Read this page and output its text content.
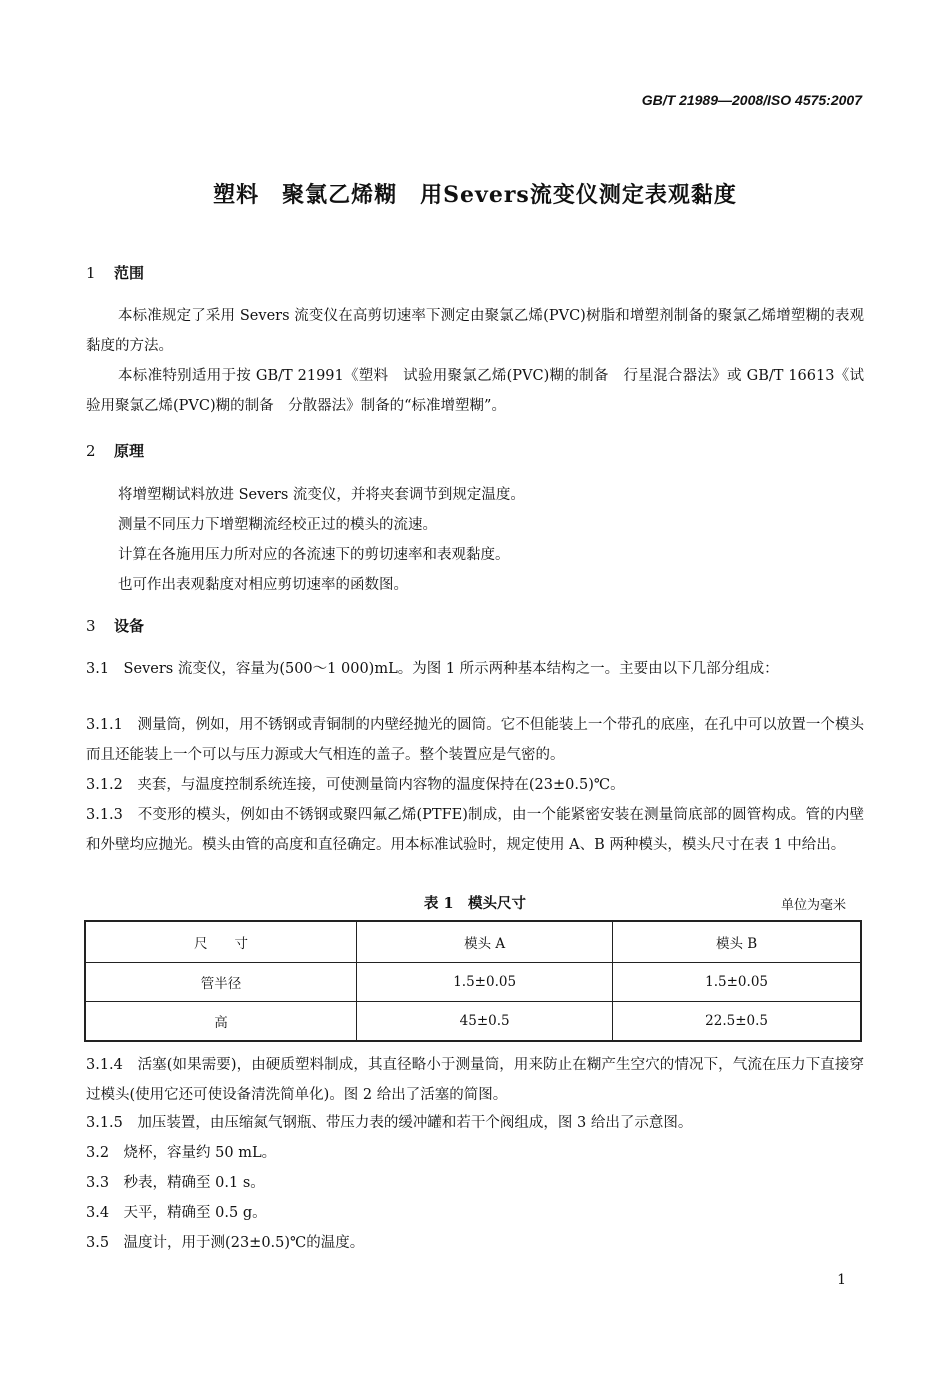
GB/T 21989—2008/ISO 4575:2007
塑料　聚氯乙烯糊　用Severs流变仪测定表观黏度
1 范围
本标准规定了采用 Severs 流变仪在高剪切速率下测定由聚氯乙烯(PVC)树脂和增塑剂制备的聚氯乙烯增塑糊的表观黏度的方法。
本标准特别适用于按 GB/T 21991《塑料　试验用聚氯乙烯(PVC)糊的制备　行星混合器法》或 GB/T 16613《试验用聚氯乙烯(PVC)糊的制备　分散器法》制备的“标准增塑糊”。
2 原理
将增塑糊试料放进 Severs 流变仪，并将夹套调节到规定温度。
测量不同压力下增塑糊流经校正过的模头的流速。
计算在各施用压力所对应的各流速下的剪切速率和表观黏度。
也可作出表观黏度对相应剪切速率的函数图。
3 设备
3.1　Severs 流变仪，容量为(500～1 000)mL。为图 1 所示两种基本结构之一。主要由以下几部分组成：
3.1.1　测量筒，例如，用不锈钢或青铜制的内壁经抛光的圆筒。它不但能装上一个带孔的底座，在孔中可以放置一个模头而且还能装上一个可以与压力源或大气相连的盖子。整个装置应是气密的。
3.1.2　夹套，与温度控制系统连接，可使测量筒内容物的温度保持在(23±0.5)℃。
3.1.3　不变形的模头，例如由不锈钢或聚四氟乙烯(PTFE)制成，由一个能紧密安装在测量筒底部的圆管构成。管的内壁和外壁均应抛光。模头由管的高度和直径确定。用本标准试验时，规定使用 A、B 两种模头，模头尺寸在表 1 中给出。
表 1　模头尺寸	单位为毫米
尺　　寸	模头 A	模头 B
管半径	1.5±0.05	1.5±0.05
高	45±0.5	22.5±0.5
3.1.4　活塞(如果需要)，由硬质塑料制成，其直径略小于测量筒，用来防止在糊产生空穴的情况下，气流在压力下直接穿过模头(使用它还可使设备清洗简单化)。图 2 给出了活塞的简图。
3.1.5　加压装置，由压缩氮气钢瓶、带压力表的缓冲罐和若干个阀组成，图 3 给出了示意图。
3.2　烧杯，容量约 50 mL。
3.3　秒表，精确至 0.1 s。
3.4　天平，精确至 0.5 g。
3.5　温度计，用于测(23±0.5)℃的温度。
1
